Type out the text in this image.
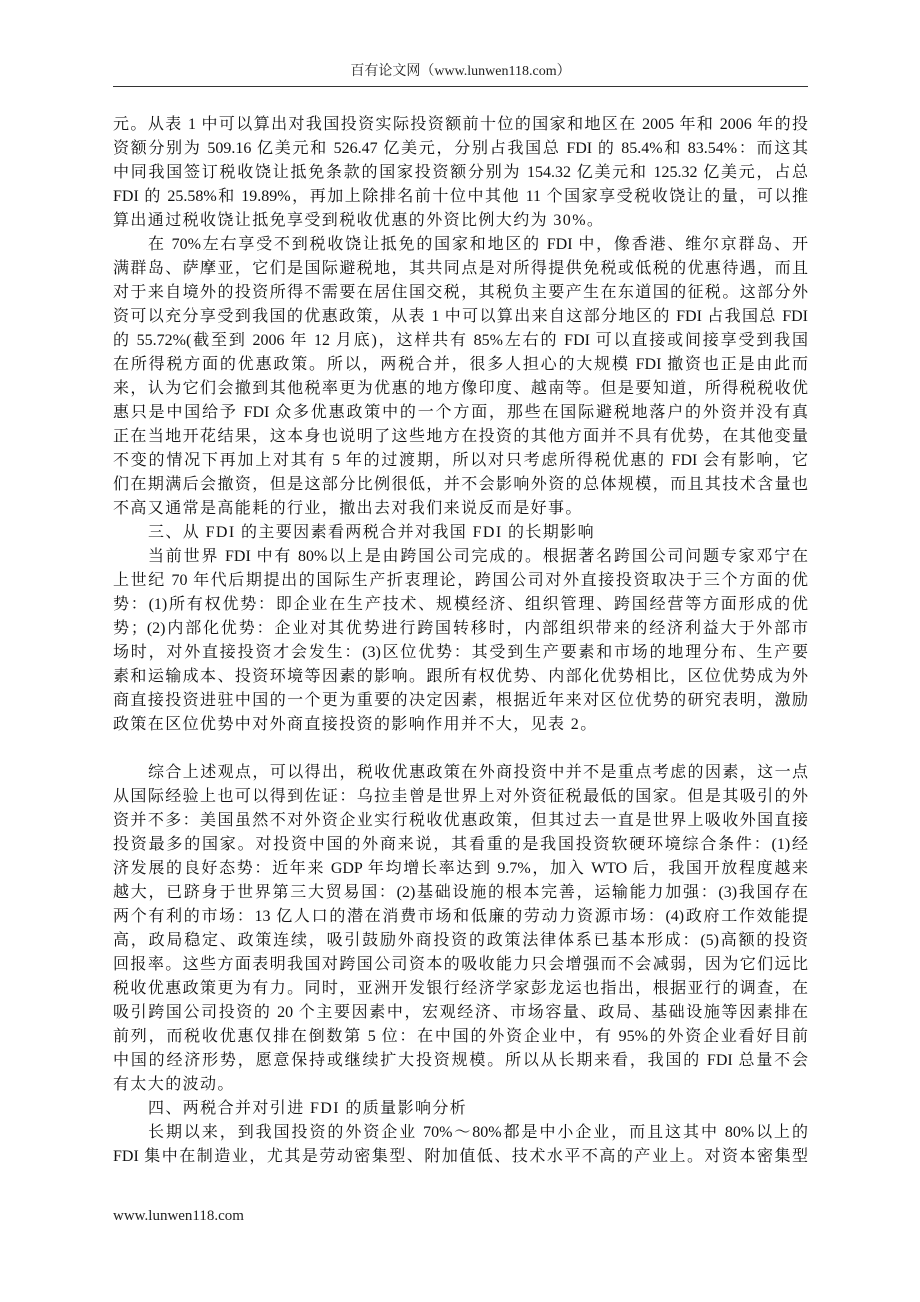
百有论文网（www.lunwen118.com）
元。从表 1 中可以算出对我国投资实际投资额前十位的国家和地区在 2005 年和 2006 年的投
资额分别为 509.16 亿美元和 526.47 亿美元，分别占我国总 FDI 的 85.4%和 83.54%：而这其
中同我国签订税收饶让抵免条款的国家投资额分别为 154.32 亿美元和 125.32 亿美元，占总
FDI 的 25.58%和 19.89%，再加上除排名前十位中其他 11 个国家享受税收饶让的量，可以推
算出通过税收饶让抵免享受到税收优惠的外资比例大约为 30%。
在 70%左右享受不到税收饶让抵免的国家和地区的 FDI 中，像香港、维尔京群岛、开
满群岛、萨摩亚，它们是国际避税地，其共同点是对所得提供免税或低税的优惠待遇，而且
对于来自境外的投资所得不需要在居住国交税，其税负主要产生在东道国的征税。这部分外
资可以充分享受到我国的优惠政策，从表 1 中可以算出来自这部分地区的 FDI 占我国总 FDI
的 55.72%(截至到 2006 年 12 月底)，这样共有 85%左右的 FDI 可以直接或间接享受到我国
在所得税方面的优惠政策。所以，两税合并，很多人担心的大规模 FDI 撤资也正是由此而
来，认为它们会撤到其他税率更为优惠的地方像印度、越南等。但是要知道，所得税税收优
惠只是中国给予 FDI 众多优惠政策中的一个方面，那些在国际避税地落户的外资并没有真
正在当地开花结果，这本身也说明了这些地方在投资的其他方面并不具有优势，在其他变量
不变的情况下再加上对其有 5 年的过渡期，所以对只考虑所得税优惠的 FDI 会有影响，它
们在期满后会撤资，但是这部分比例很低，并不会影响外资的总体规模，而且其技术含量也
不高又通常是高能耗的行业，撤出去对我们来说反而是好事。
三、从 FDI 的主要因素看两税合并对我国 FDI 的长期影响
当前世界 FDI 中有 80%以上是由跨国公司完成的。根据著名跨国公司问题专家邓宁在
上世纪 70 年代后期提出的国际生产折衷理论，跨国公司对外直接投资取决于三个方面的优
势：(1)所有权优势：即企业在生产技术、规模经济、组织管理、跨国经营等方面形成的优
势；(2)内部化优势：企业对其优势进行跨国转移时，内部组织带来的经济利益大于外部市
场时，对外直接投资才会发生：(3)区位优势：其受到生产要素和市场的地理分布、生产要
素和运输成本、投资环境等因素的影响。跟所有权优势、内部化优势相比，区位优势成为外
商直接投资进驻中国的一个更为重要的决定因素，根据近年来对区位优势的研究表明，激励
政策在区位优势中对外商直接投资的影响作用并不大，见表 2。
综合上述观点，可以得出，税收优惠政策在外商投资中并不是重点考虑的因素，这一点
从国际经验上也可以得到佐证：乌拉圭曾是世界上对外资征税最低的国家。但是其吸引的外
资并不多：美国虽然不对外资企业实行税收优惠政策，但其过去一直是世界上吸收外国直接
投资最多的国家。对投资中国的外商来说，其看重的是我国投资软硬环境综合条件：(1)经
济发展的良好态势：近年来 GDP 年均增长率达到 9.7%，加入 WTO 后，我国开放程度越来
越大，已跻身于世界第三大贸易国：(2)基础设施的根本完善，运输能力加强：(3)我国存在
两个有利的市场：13 亿人口的潜在消费市场和低廉的劳动力资源市场：(4)政府工作效能提
高，政局稳定、政策连续，吸引鼓励外商投资的政策法律体系已基本形成：(5)高额的投资
回报率。这些方面表明我国对跨国公司资本的吸收能力只会增强而不会减弱，因为它们远比
税收优惠政策更为有力。同时，亚洲开发银行经济学家彭龙运也指出，根据亚行的调查，在
吸引跨国公司投资的 20 个主要因素中，宏观经济、市场容量、政局、基础设施等因素排在
前列，而税收优惠仅排在倒数第 5 位：在中国的外资企业中，有 95%的外资企业看好目前
中国的经济形势，愿意保持或继续扩大投资规模。所以从长期来看，我国的 FDI 总量不会
有太大的波动。
四、两税合并对引进 FDI 的质量影响分析
长期以来，到我国投资的外资企业 70%～80%都是中小企业，而且这其中 80%以上的
FDI 集中在制造业，尤其是劳动密集型、附加值低、技术水平不高的产业上。对资本密集型
www.lunwen118.com
